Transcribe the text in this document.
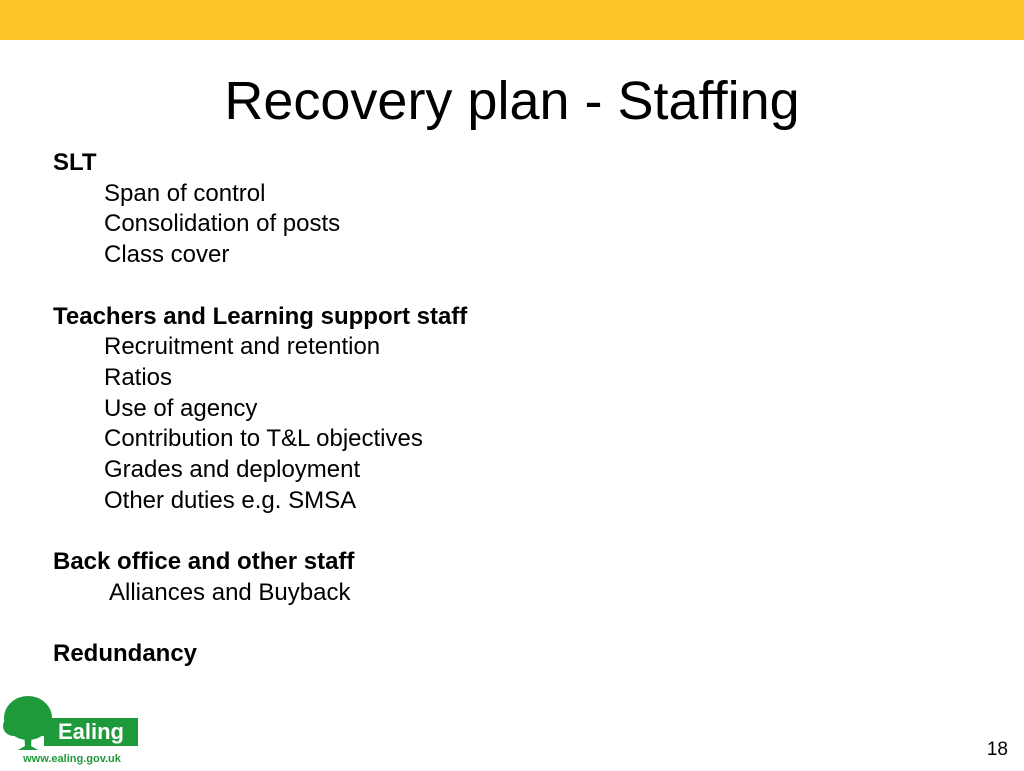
Recovery plan - Staffing
SLT
Span of control
Consolidation of posts
Class cover
Teachers and Learning support staff
Recruitment and retention
Ratios
Use of agency
Contribution to T&L objectives
Grades and deployment
Other duties e.g. SMSA
Back office and other staff
Alliances and Buyback
Redundancy
Ealing
www.ealing.gov.uk	18
